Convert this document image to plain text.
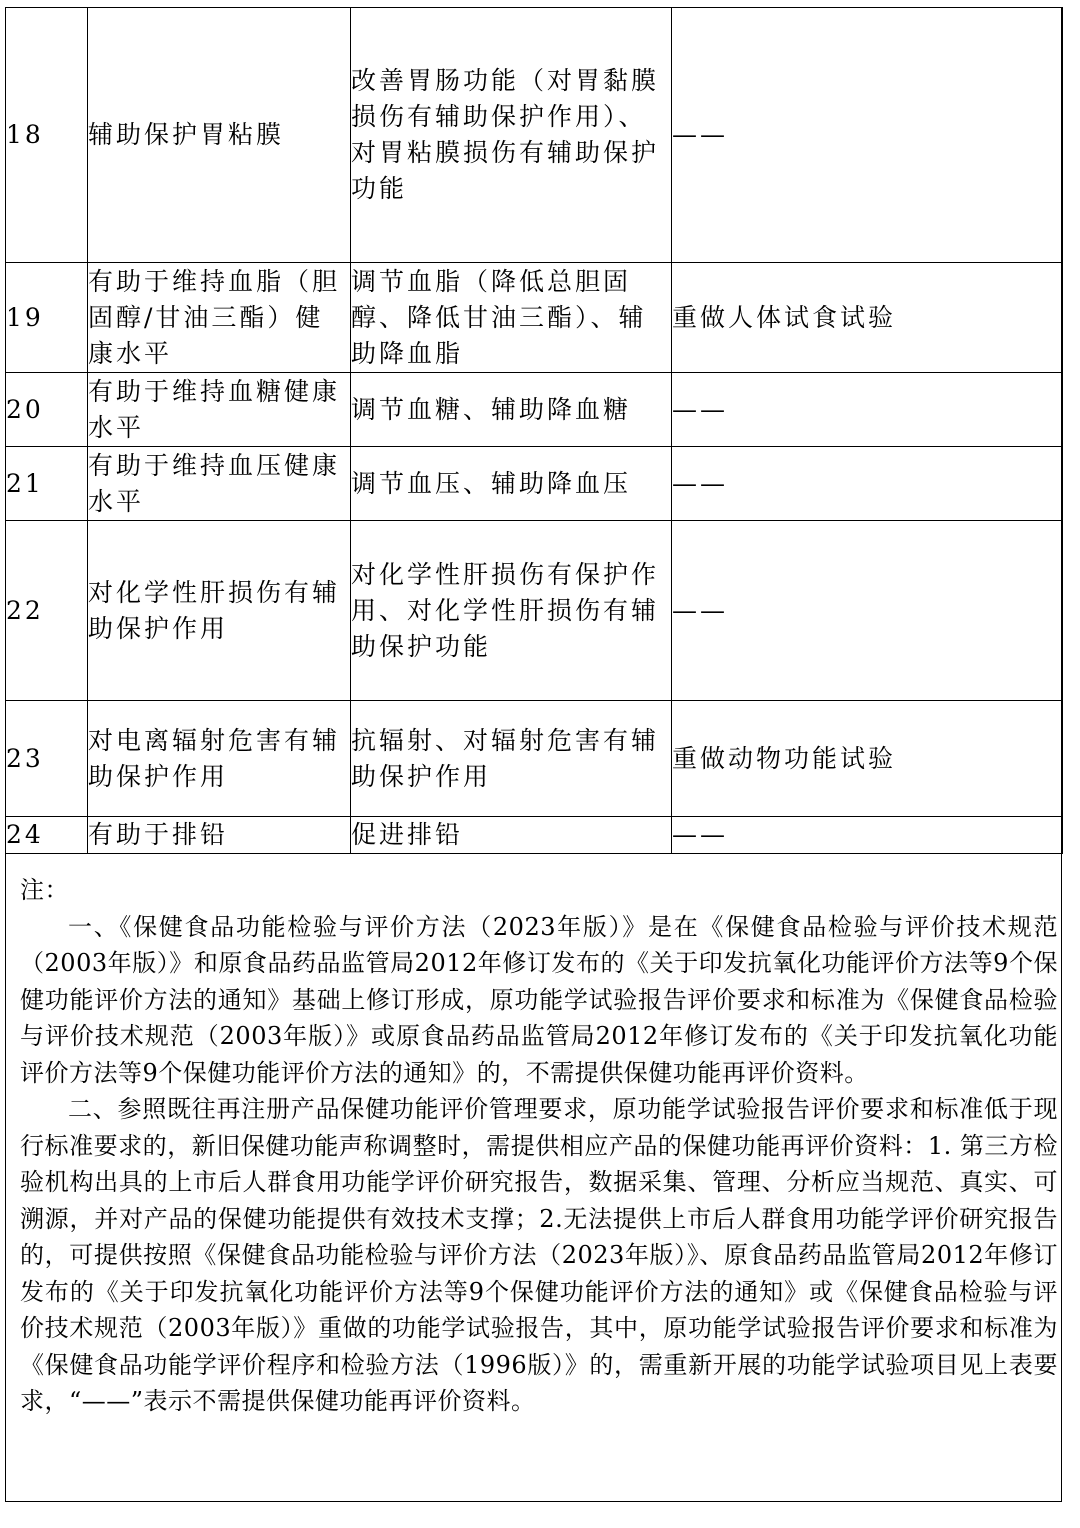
18	辅助保护胃粘膜	改善胃肠功能（对胃黏膜损伤有辅助保护作用）、对胃粘膜损伤有辅助保护功能	——
19	有助于维持血脂（胆固醇/甘油三酯）健康水平	调节血脂（降低总胆固醇、降低甘油三酯）、辅助降血脂	重做人体试食试验
20	有助于维持血糖健康水平	调节血糖、辅助降血糖	——
21	有助于维持血压健康水平	调节血压、辅助降血压	——
22	对化学性肝损伤有辅助保护作用	对化学性肝损伤有保护作用、对化学性肝损伤有辅助保护功能	——
23	对电离辐射危害有辅助保护作用	抗辐射、对辐射危害有辅助保护作用	重做动物功能试验
24	有助于排铅	促进排铅	——

注：

一、《保健食品功能检验与评价方法（2023年版）》是在《保健食品检验与评价技术规范（2003年版）》和原食品药品监管局2012年修订发布的《关于印发抗氧化功能评价方法等9个保健功能评价方法的通知》基础上修订形成，原功能学试验报告评价要求和标准为《保健食品检验与评价技术规范（2003年版）》或原食品药品监管局2012年修订发布的《关于印发抗氧化功能评价方法等9个保健功能评价方法的通知》的，不需提供保健功能再评价资料。

二、参照既往再注册产品保健功能评价管理要求，原功能学试验报告评价要求和标准低于现行标准要求的，新旧保健功能声称调整时，需提供相应产品的保健功能再评价资料：1. 第三方检验机构出具的上市后人群食用功能学评价研究报告，数据采集、管理、分析应当规范、真实、可溯源，并对产品的保健功能提供有效技术支撑；2.无法提供上市后人群食用功能学评价研究报告的，可提供按照《保健食品功能检验与评价方法（2023年版）》、原食品药品监管局2012年修订发布的《关于印发抗氧化功能评价方法等9个保健功能评价方法的通知》或《保健食品检验与评价技术规范（2003年版）》重做的功能学试验报告，其中，原功能学试验报告评价要求和标准为《保健食品功能学评价程序和检验方法（1996版）》的，需重新开展的功能学试验项目见上表要求，“——”表示不需提供保健功能再评价资料。
